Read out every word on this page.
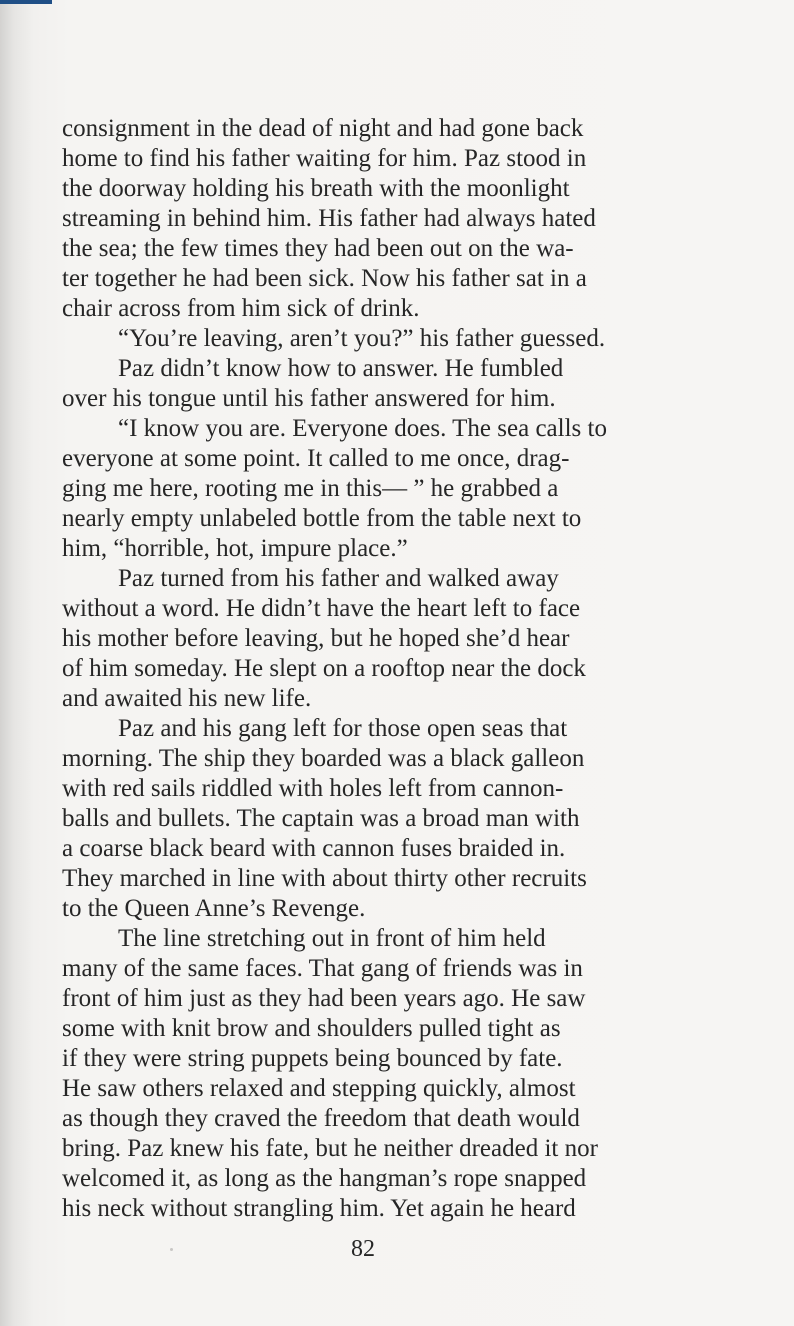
consignment in the dead of night and had gone back
home to find his father waiting for him. Paz stood in
the doorway holding his breath with the moonlight
streaming in behind him. His father had always hated
the sea; the few times they had been out on the wa-
ter together he had been sick. Now his father sat in a
chair across from him sick of drink.
“You’re leaving, aren’t you?” his father guessed.
Paz didn’t know how to answer. He fumbled
over his tongue until his father answered for him.
“I know you are. Everyone does. The sea calls to
everyone at some point. It called to me once, drag-
ging me here, rooting me in this— ” he grabbed a
nearly empty unlabeled bottle from the table next to
him, “horrible, hot, impure place.”
Paz turned from his father and walked away
without a word. He didn’t have the heart left to face
his mother before leaving, but he hoped she’d hear
of him someday. He slept on a rooftop near the dock
and awaited his new life.
Paz and his gang left for those open seas that
morning. The ship they boarded was a black galleon
with red sails riddled with holes left from cannon-
balls and bullets. The captain was a broad man with
a coarse black beard with cannon fuses braided in.
They marched in line with about thirty other recruits
to the Queen Anne’s Revenge.
The line stretching out in front of him held
many of the same faces. That gang of friends was in
front of him just as they had been years ago. He saw
some with knit brow and shoulders pulled tight as
if they were string puppets being bounced by fate.
He saw others relaxed and stepping quickly, almost
as though they craved the freedom that death would
bring. Paz knew his fate, but he neither dreaded it nor
welcomed it, as long as the hangman’s rope snapped
his neck without strangling him. Yet again he heard
82
